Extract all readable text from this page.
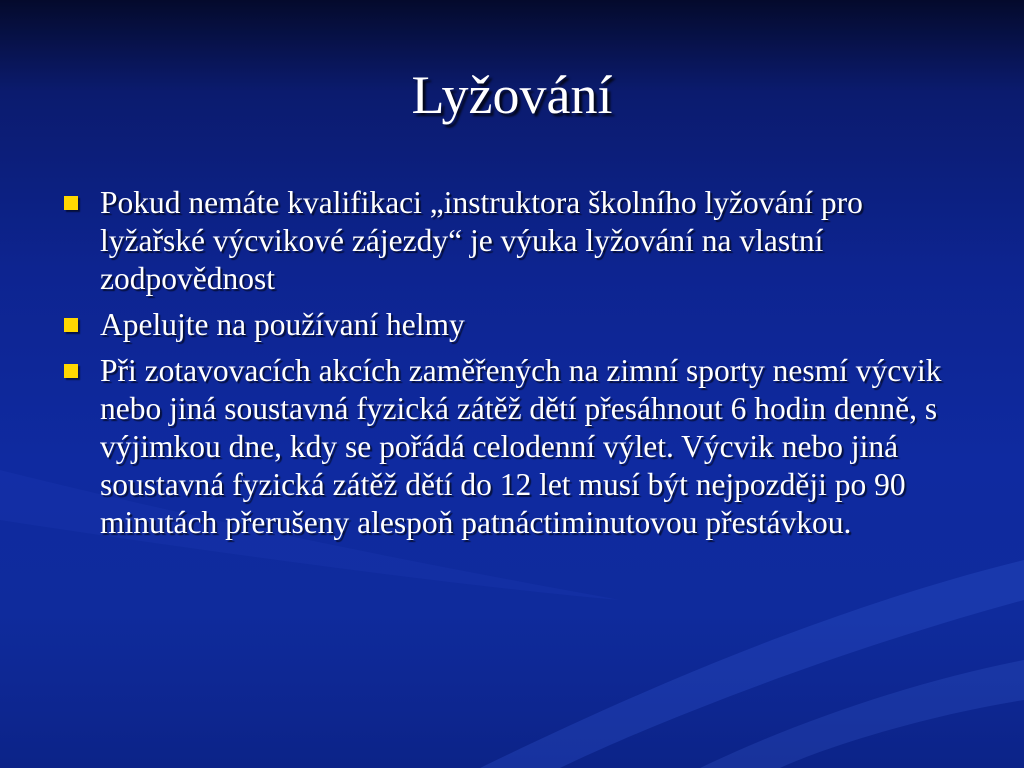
Lyžování
Pokud nemáte kvalifikaci „instruktora školního lyžování pro lyžařské výcvikové zájezdy“ je výuka lyžování na vlastní zodpovědnost
Apelujte na používaní helmy
Při zotavovacích akcích zaměřených na zimní sporty nesmí výcvik nebo jiná soustavná fyzická zátěž dětí přesáhnout 6 hodin denně, s výjimkou dne, kdy se pořádá celodenní výlet. Výcvik nebo jiná soustavná fyzická zátěž dětí do 12 let musí být nejpozději po 90 minutách přerušeny alespoň patnáctiminutovou přestávkou.
